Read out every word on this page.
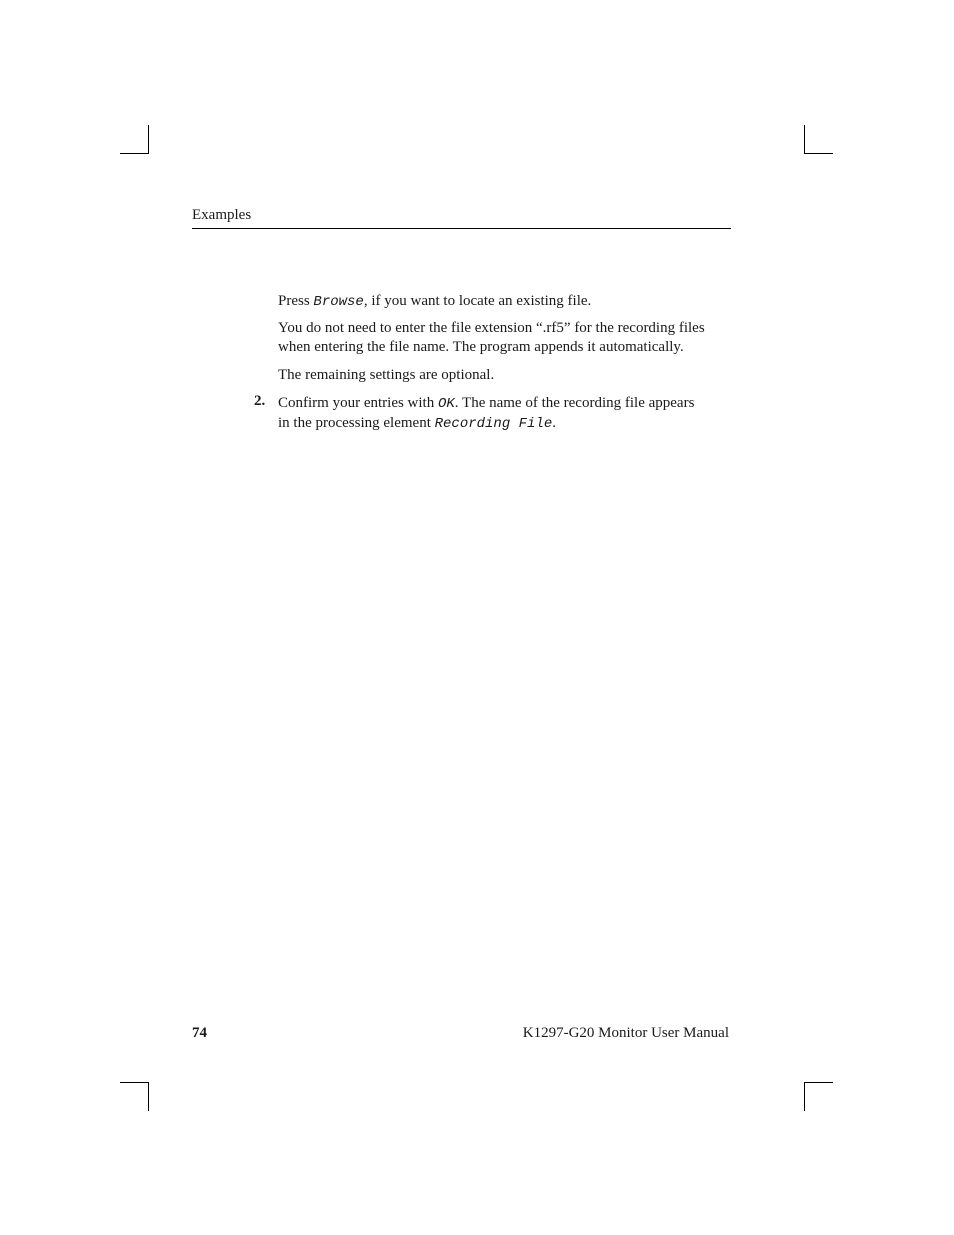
Examples

Press Browse, if you want to locate an existing file.

You do not need to enter the file extension “.rf5” for the recording files
when entering the file name. The program appends it automatically.

The remaining settings are optional.

2. Confirm your entries with OK. The name of the recording file appears
in the processing element Recording File.

74	K1297-G20 Monitor User Manual
